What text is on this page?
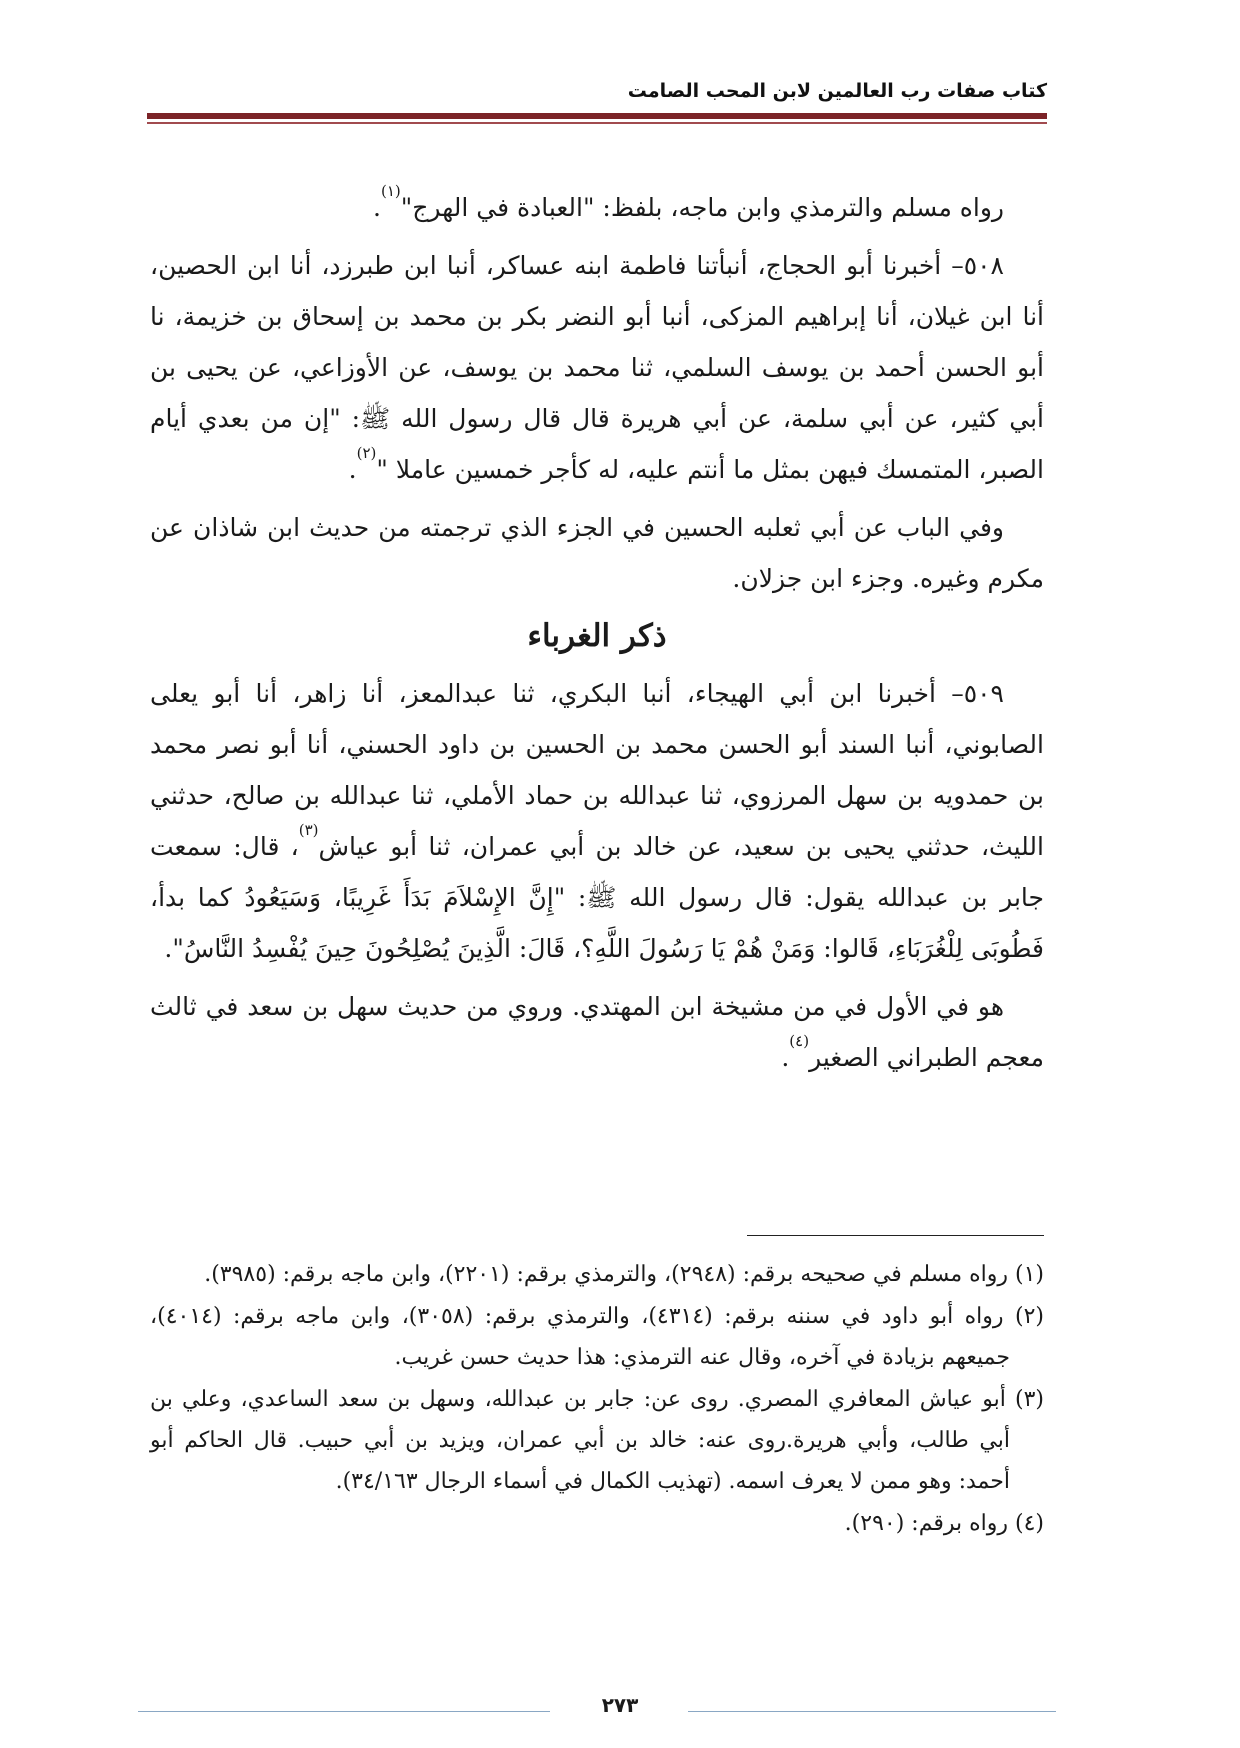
كتاب صفات رب العالمين لابن المحب الصامت

رواه مسلم والترمذي وابن ماجه، بلفظ: "العبادة في الهرج"$^{(١)}$.

٥٠٨– أخبرنا أبو الحجاج، أنبأتنا فاطمة ابنه عساكر، أنبا ابن طبرزد، أنا ابن الحصين، أنا ابن غيلان، أنا إبراهيم المزكى، أنبا أبو النضر بكر بن محمد بن إسحاق بن خزيمة، نا أبو الحسن أحمد بن يوسف السلمي، ثنا محمد بن يوسف، عن الأوزاعي، عن يحيى بن أبي كثير، عن أبي سلمة، عن أبي هريرة قال قال رسول الله ﷺ: "إن من بعدي أيام الصبر، المتمسك فيهن بمثل ما أنتم عليه، له كأجر خمسين عاملا "$^{(٢)}$.

وفي الباب عن أبي ثعلبه الحسين في الجزء الذي ترجمته من حديث ابن شاذان عن مكرم وغيره. وجزء ابن جزلان.

ذكر الغرباء

٥٠٩– أخبرنا ابن أبي الهيجاء، أنبا البكري، ثنا عبدالمعز، أنا زاهر، أنا أبو يعلى الصابوني، أنبا السند أبو الحسن محمد بن الحسين بن داود الحسني، أنا أبو نصر محمد بن حمدويه بن سهل المرزوي، ثنا عبدالله بن حماد الأملي، ثنا عبدالله بن صالح، حدثني الليث، حدثني يحيى بن سعيد، عن خالد بن أبي عمران، ثنا أبو عياش$^{(٣)}$، قال: سمعت جابر بن عبدالله يقول: قال رسول الله ﷺ: "إِنَّ الإِسْلاَمَ بَدَأَ غَرِيبًا، وَسَيَعُودُ كما بدأ، فَطُوبَى لِلْغُرَبَاءِ، قَالوا: وَمَنْ هُمْ يَا رَسُولَ اللَّهِ؟، قَالَ: الَّذِينَ يُصْلِحُونَ حِينَ يُفْسِدُ النَّاسُ".

هو في الأول في من مشيخة ابن المهتدي. وروي من حديث سهل بن سعد في ثالث معجم الطبراني الصغير$^{(٤)}$.

(١) رواه مسلم في صحيحه برقم: (٢٩٤٨)، والترمذي برقم: (٢٢٠١)، وابن ماجه برقم: (٣٩٨٥).

(٢) رواه أبو داود في سننه برقم: (٤٣١٤)، والترمذي برقم: (٣٠٥٨)، وابن ماجه برقم: (٤٠١٤)، جميعهم بزيادة في آخره، وقال عنه الترمذي: هذا حديث حسن غريب.

(٣) أبو عياش المعافري المصري. روى عن: جابر بن عبدالله، وسهل بن سعد الساعدي، وعلي بن أبي طالب، وأبي هريرة.روى عنه: خالد بن أبي عمران، ويزيد بن أبي حبيب. قال الحاكم أبو أحمد: وهو ممن لا يعرف اسمه. (تهذيب الكمال في أسماء الرجال ٣٤/١٦٣).

(٤) رواه برقم: (٢٩٠).

٢٧٣
